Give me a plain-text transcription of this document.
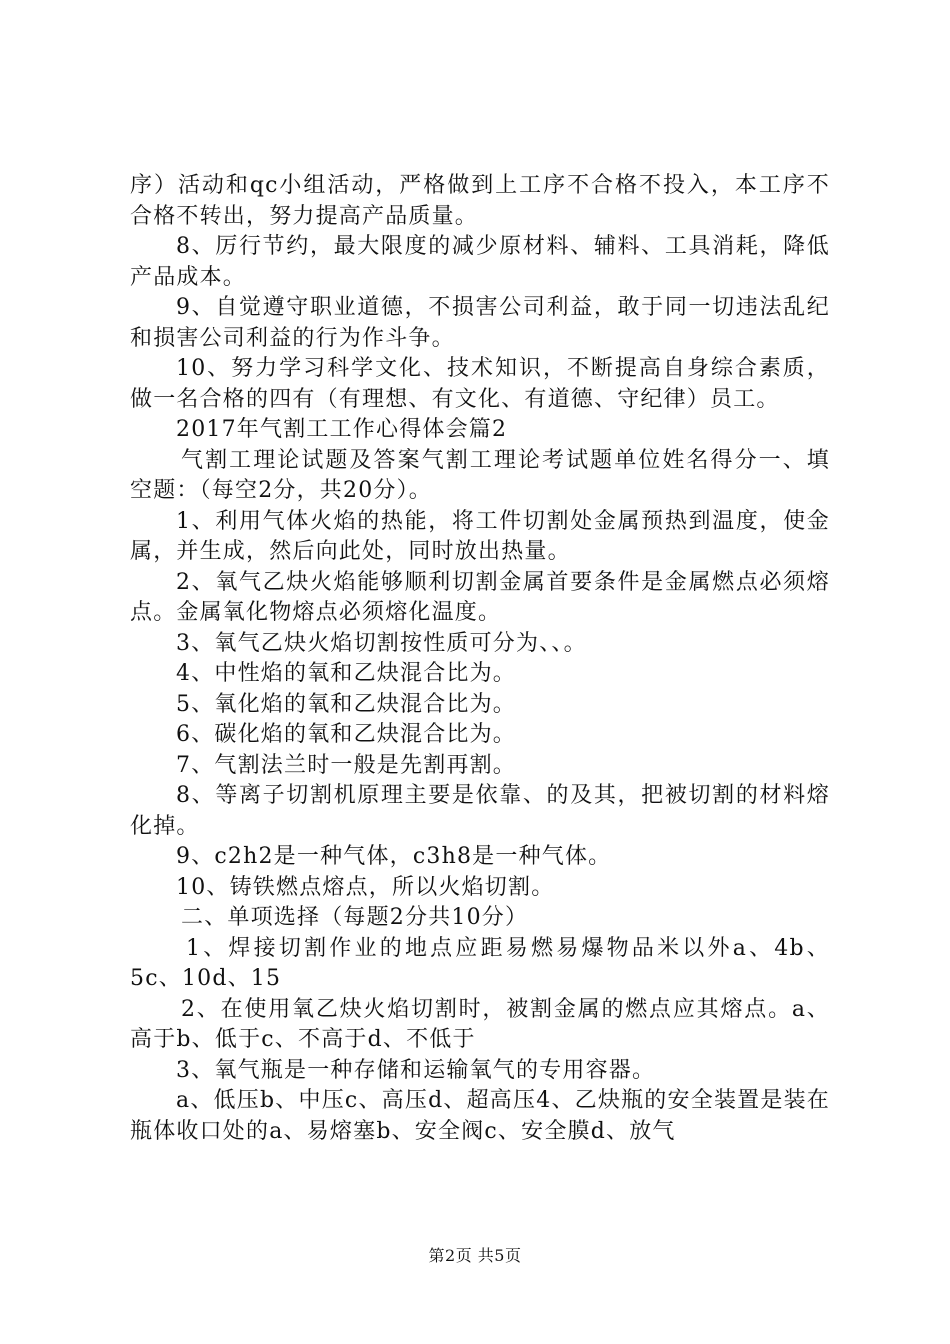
序）活动和qc小组活动，严格做到上工序不合格不投入，本工序不合格不转出，努力提高产品质量。

8、厉行节约，最大限度的减少原材料、辅料、工具消耗，降低产品成本。

9、自觉遵守职业道德，不损害公司利益，敢于同一切违法乱纪和损害公司利益的行为作斗争。

10、努力学习科学文化、技术知识，不断提高自身综合素质，做一名合格的四有（有理想、有文化、有道德、守纪律）员工。

2017年气割工工作心得体会篇2

气割工理论试题及答案气割工理论考试题单位姓名得分一、填空题：（每空2分，共20分）。

1、利用气体火焰的热能，将工件切割处金属预热到温度，使金属，并生成，然后向此处，同时放出热量。

2、氧气乙炔火焰能够顺利切割金属首要条件是金属燃点必须熔点。金属氧化物熔点必须熔化温度。

3、氧气乙炔火焰切割按性质可分为、、。

4、中性焰的氧和乙炔混合比为。

5、氧化焰的氧和乙炔混合比为。

6、碳化焰的氧和乙炔混合比为。

7、气割法兰时一般是先割再割。

8、等离子切割机原理主要是依靠、的及其，把被切割的材料熔化掉。

9、c2h2是一种气体，c3h8是一种气体。

10、铸铁燃点熔点，所以火焰切割。

二、单项选择（每题2分共10分）

1、焊接切割作业的地点应距易燃易爆物品米以外a、4b、5c、10d、15

2、在使用氧乙炔火焰切割时，被割金属的燃点应其熔点。a、高于b、低于c、不高于d、不低于

3、氧气瓶是一种存储和运输氧气的专用容器。

a、低压b、中压c、高压d、超高压4、乙炔瓶的安全装置是装在瓶体收口处的a、易熔塞b、安全阀c、安全膜d、放气

第2页 共5页
